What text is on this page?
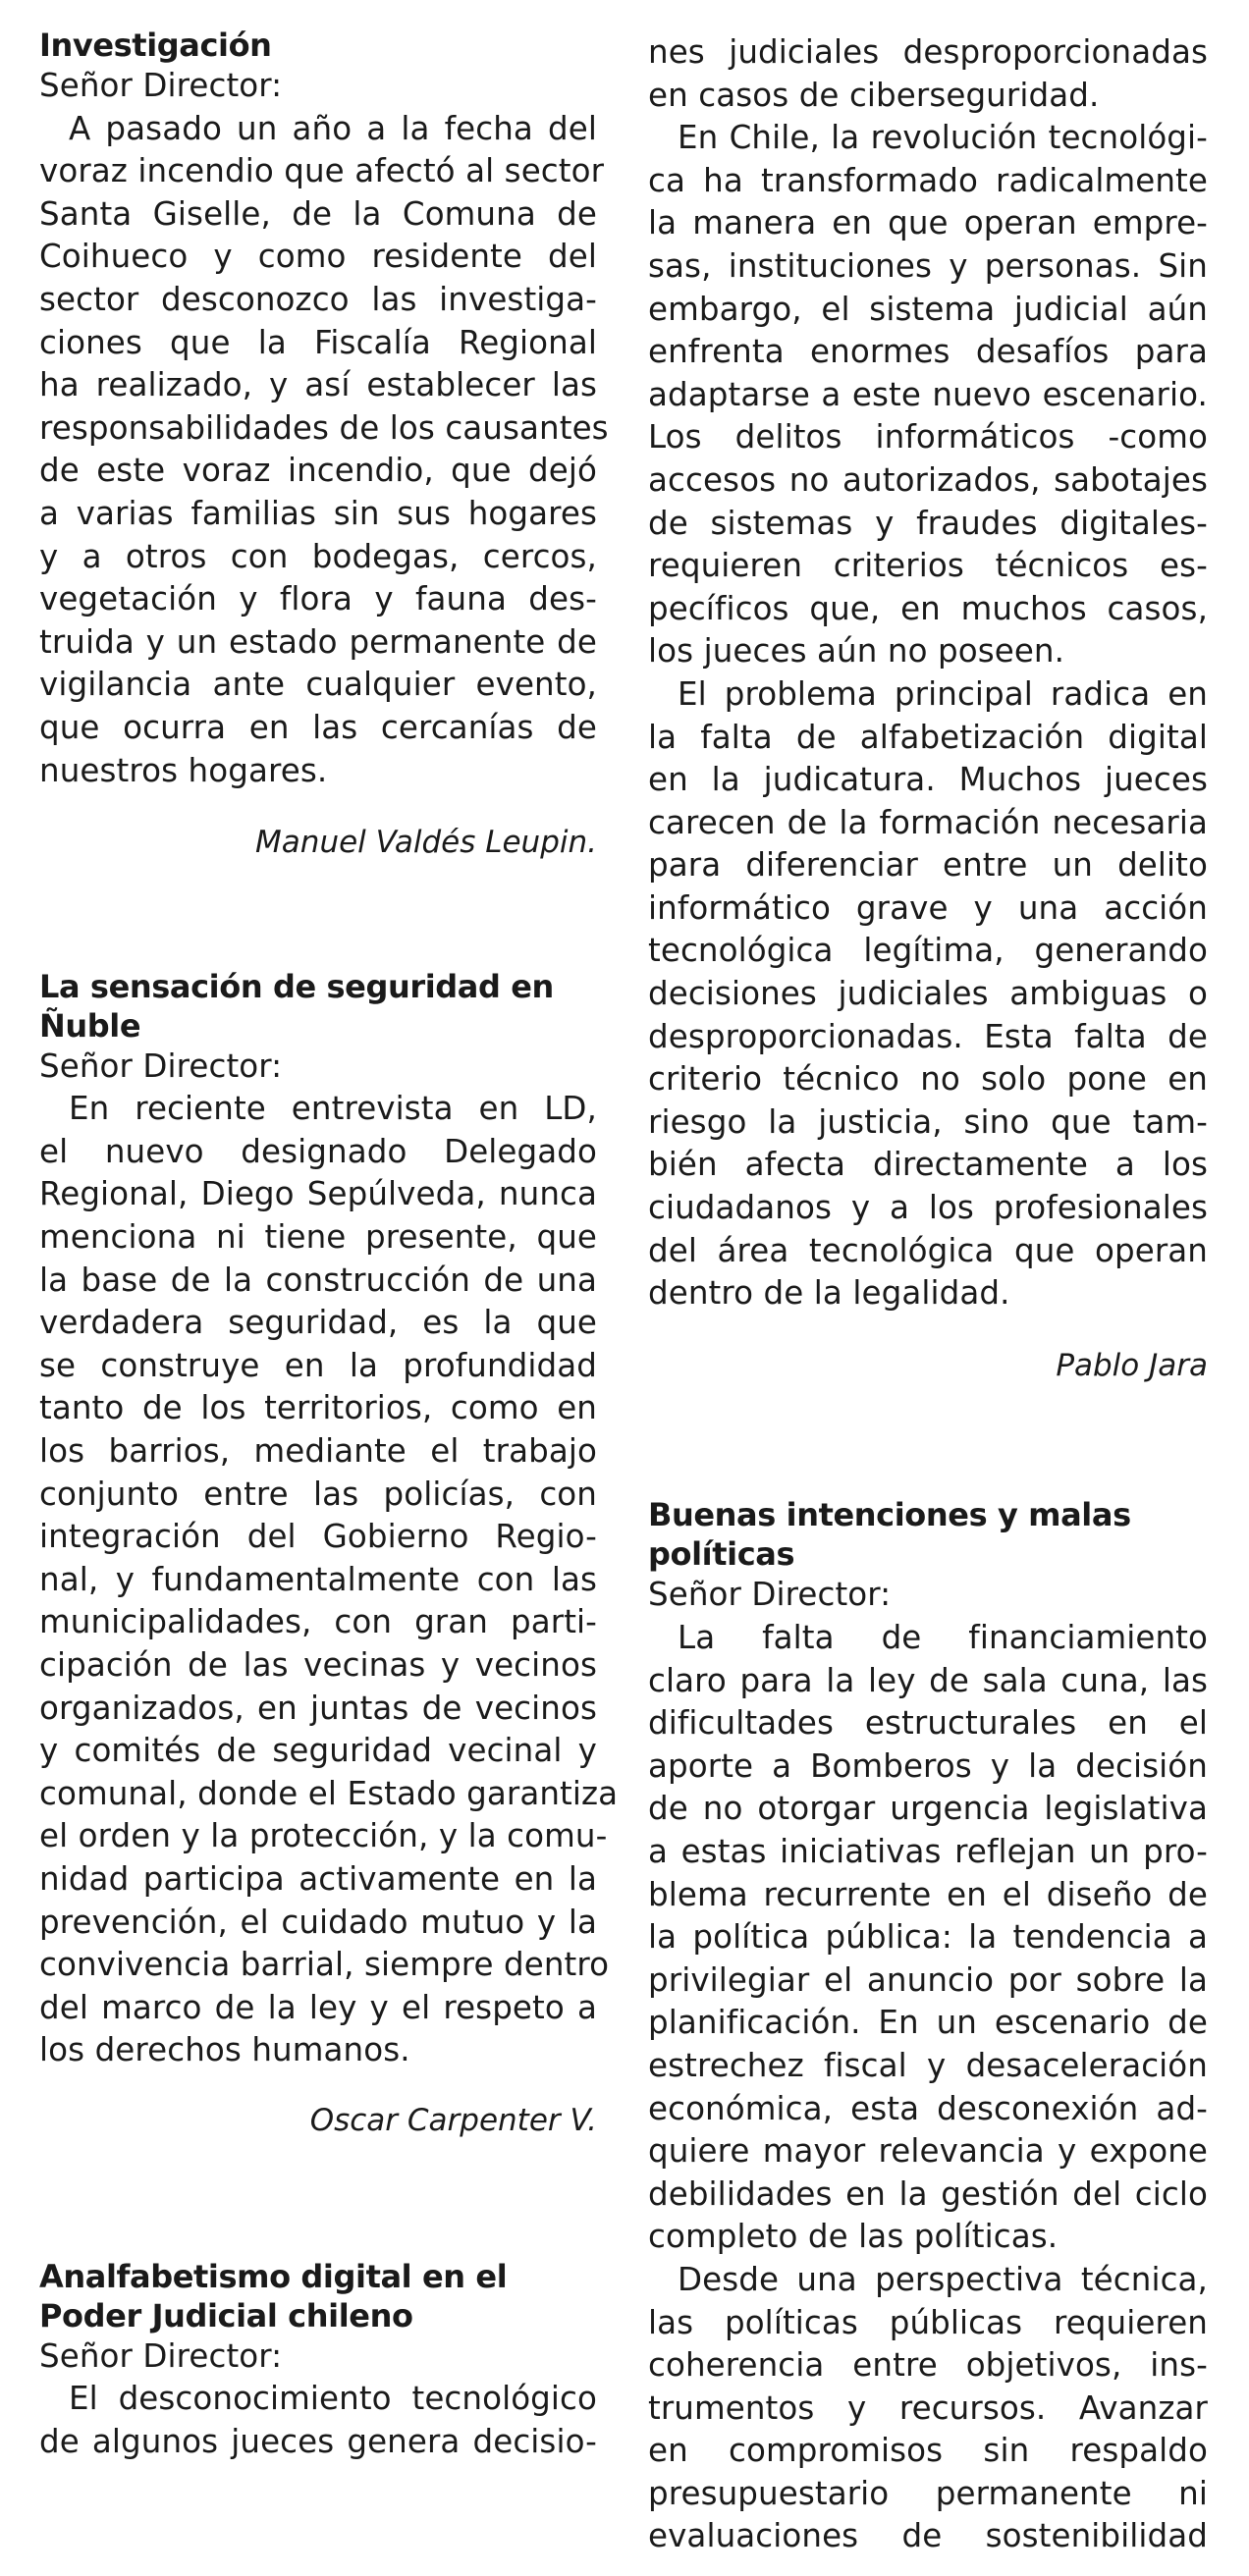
Investigación
Señor Director:
A pasado un año a la fecha del
voraz incendio que afectó al sector
Santa Giselle, de la Comuna de
Coihueco y como residente del
sector desconozco las investiga-
ciones que la Fiscalía Regional
ha realizado, y así establecer las
responsabilidades de los causantes
de este voraz incendio, que dejó
a varias familias sin sus hogares
y a otros con bodegas, cercos,
vegetación y flora y fauna des-
truida y un estado permanente de
vigilancia ante cualquier evento,
que ocurra en las cercanías de
nuestros hogares.
Manuel Valdés Leupin.
La sensación de seguridad en
Ñuble
Señor Director:
En reciente entrevista en LD,
el nuevo designado Delegado
Regional, Diego Sepúlveda, nunca
menciona ni tiene presente, que
la base de la construcción de una
verdadera seguridad, es la que
se construye en la profundidad
tanto de los territorios, como en
los barrios, mediante el trabajo
conjunto entre las policías, con
integración del Gobierno Regio-
nal, y fundamentalmente con las
municipalidades, con gran parti-
cipación de las vecinas y vecinos
organizados, en juntas de vecinos
y comités de seguridad vecinal y
comunal, donde el Estado garantiza
el orden y la protección, y la comu-
nidad participa activamente en la
prevención, el cuidado mutuo y la
convivencia barrial, siempre dentro
del marco de la ley y el respeto a
los derechos humanos.
Oscar Carpenter V.
Analfabetismo digital en el
Poder Judicial chileno
Señor Director:
El desconocimiento tecnológico
de algunos jueces genera decisio-
nes judiciales desproporcionadas
en casos de ciberseguridad.
En Chile, la revolución tecnológi-
ca ha transformado radicalmente
la manera en que operan empre-
sas, instituciones y personas. Sin
embargo, el sistema judicial aún
enfrenta enormes desafíos para
adaptarse a este nuevo escenario.
Los delitos informáticos -como
accesos no autorizados, sabotajes
de sistemas y fraudes digitales-
requieren criterios técnicos es-
pecíficos que, en muchos casos,
los jueces aún no poseen.
El problema principal radica en
la falta de alfabetización digital
en la judicatura. Muchos jueces
carecen de la formación necesaria
para diferenciar entre un delito
informático grave y una acción
tecnológica legítima, generando
decisiones judiciales ambiguas o
desproporcionadas. Esta falta de
criterio técnico no solo pone en
riesgo la justicia, sino que tam-
bién afecta directamente a los
ciudadanos y a los profesionales
del área tecnológica que operan
dentro de la legalidad.
Pablo Jara
Buenas intenciones y malas
políticas
Señor Director:
La falta de financiamiento
claro para la ley de sala cuna, las
dificultades estructurales en el
aporte a Bomberos y la decisión
de no otorgar urgencia legislativa
a estas iniciativas reflejan un pro-
blema recurrente en el diseño de
la política pública: la tendencia a
privilegiar el anuncio por sobre la
planificación. En un escenario de
estrechez fiscal y desaceleración
económica, esta desconexión ad-
quiere mayor relevancia y expone
debilidades en la gestión del ciclo
completo de las políticas.
Desde una perspectiva técnica,
las políticas públicas requieren
coherencia entre objetivos, ins-
trumentos y recursos. Avanzar
en compromisos sin respaldo
presupuestario permanente ni
evaluaciones de sostenibilidad
